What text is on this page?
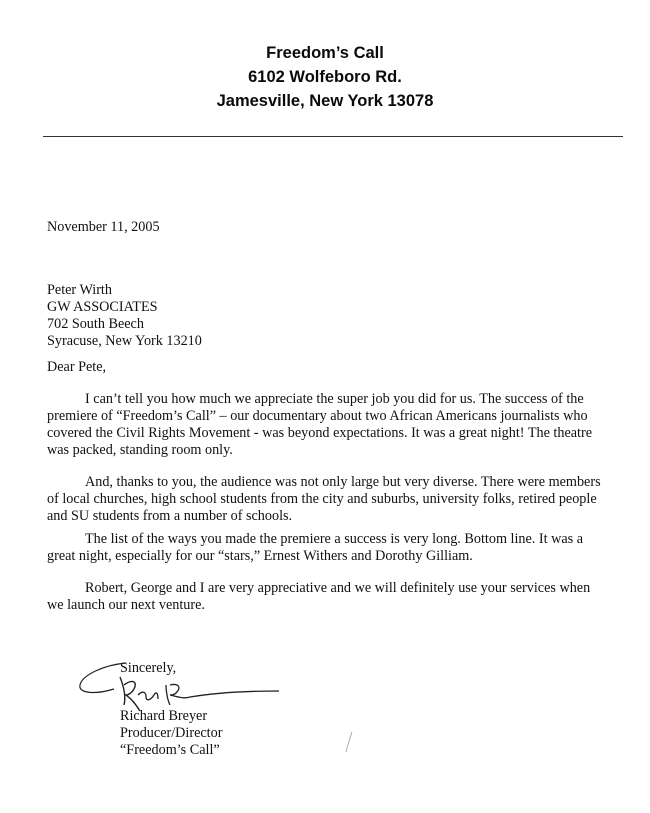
Freedom’s Call
6102 Wolfeboro Rd.
Jamesville, New York 13078
November 11, 2005
Peter Wirth
GW ASSOCIATES
702 South Beech
Syracuse, New York 13210
Dear Pete,

I can’t tell you how much we appreciate the super job you did for us. The success of the premiere of “Freedom’s Call” – our documentary about two African Americans journalists who covered the Civil Rights Movement - was beyond expectations. It was a great night! The theatre was packed, standing room only.

And, thanks to you, the audience was not only large but very diverse. There were members of local churches, high school students from the city and suburbs, university folks, retired people and SU students from a number of schools.

The list of the ways you made the premiere a success is very long. Bottom line. It was a great night, especially for our “stars,” Ernest Withers and Dorothy Gilliam.

Robert, George and I are very appreciative and we will definitely use your services when we launch our next venture.

Sincerely,
Richard Breyer
Producer/Director
“Freedom’s Call”
